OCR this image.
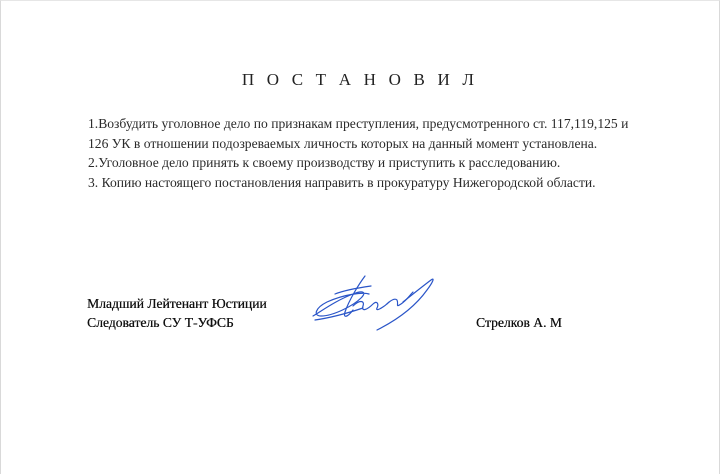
П О С Т А Н О В И Л

1.Возбудить уголовное дело по признакам преступления, предусмотренного ст. 117,119,125 и 126 УК в отношении подозреваемых личность которых на данный момент установлена.

2.Уголовное дело принять к своему производству и приступить к расследованию.

3. Копию настоящего постановления направить в прокуратуру Нижегородской области.

Младший Лейтенант Юстиции
Следователь СУ Т-УФСБ	Стрелков А. М
